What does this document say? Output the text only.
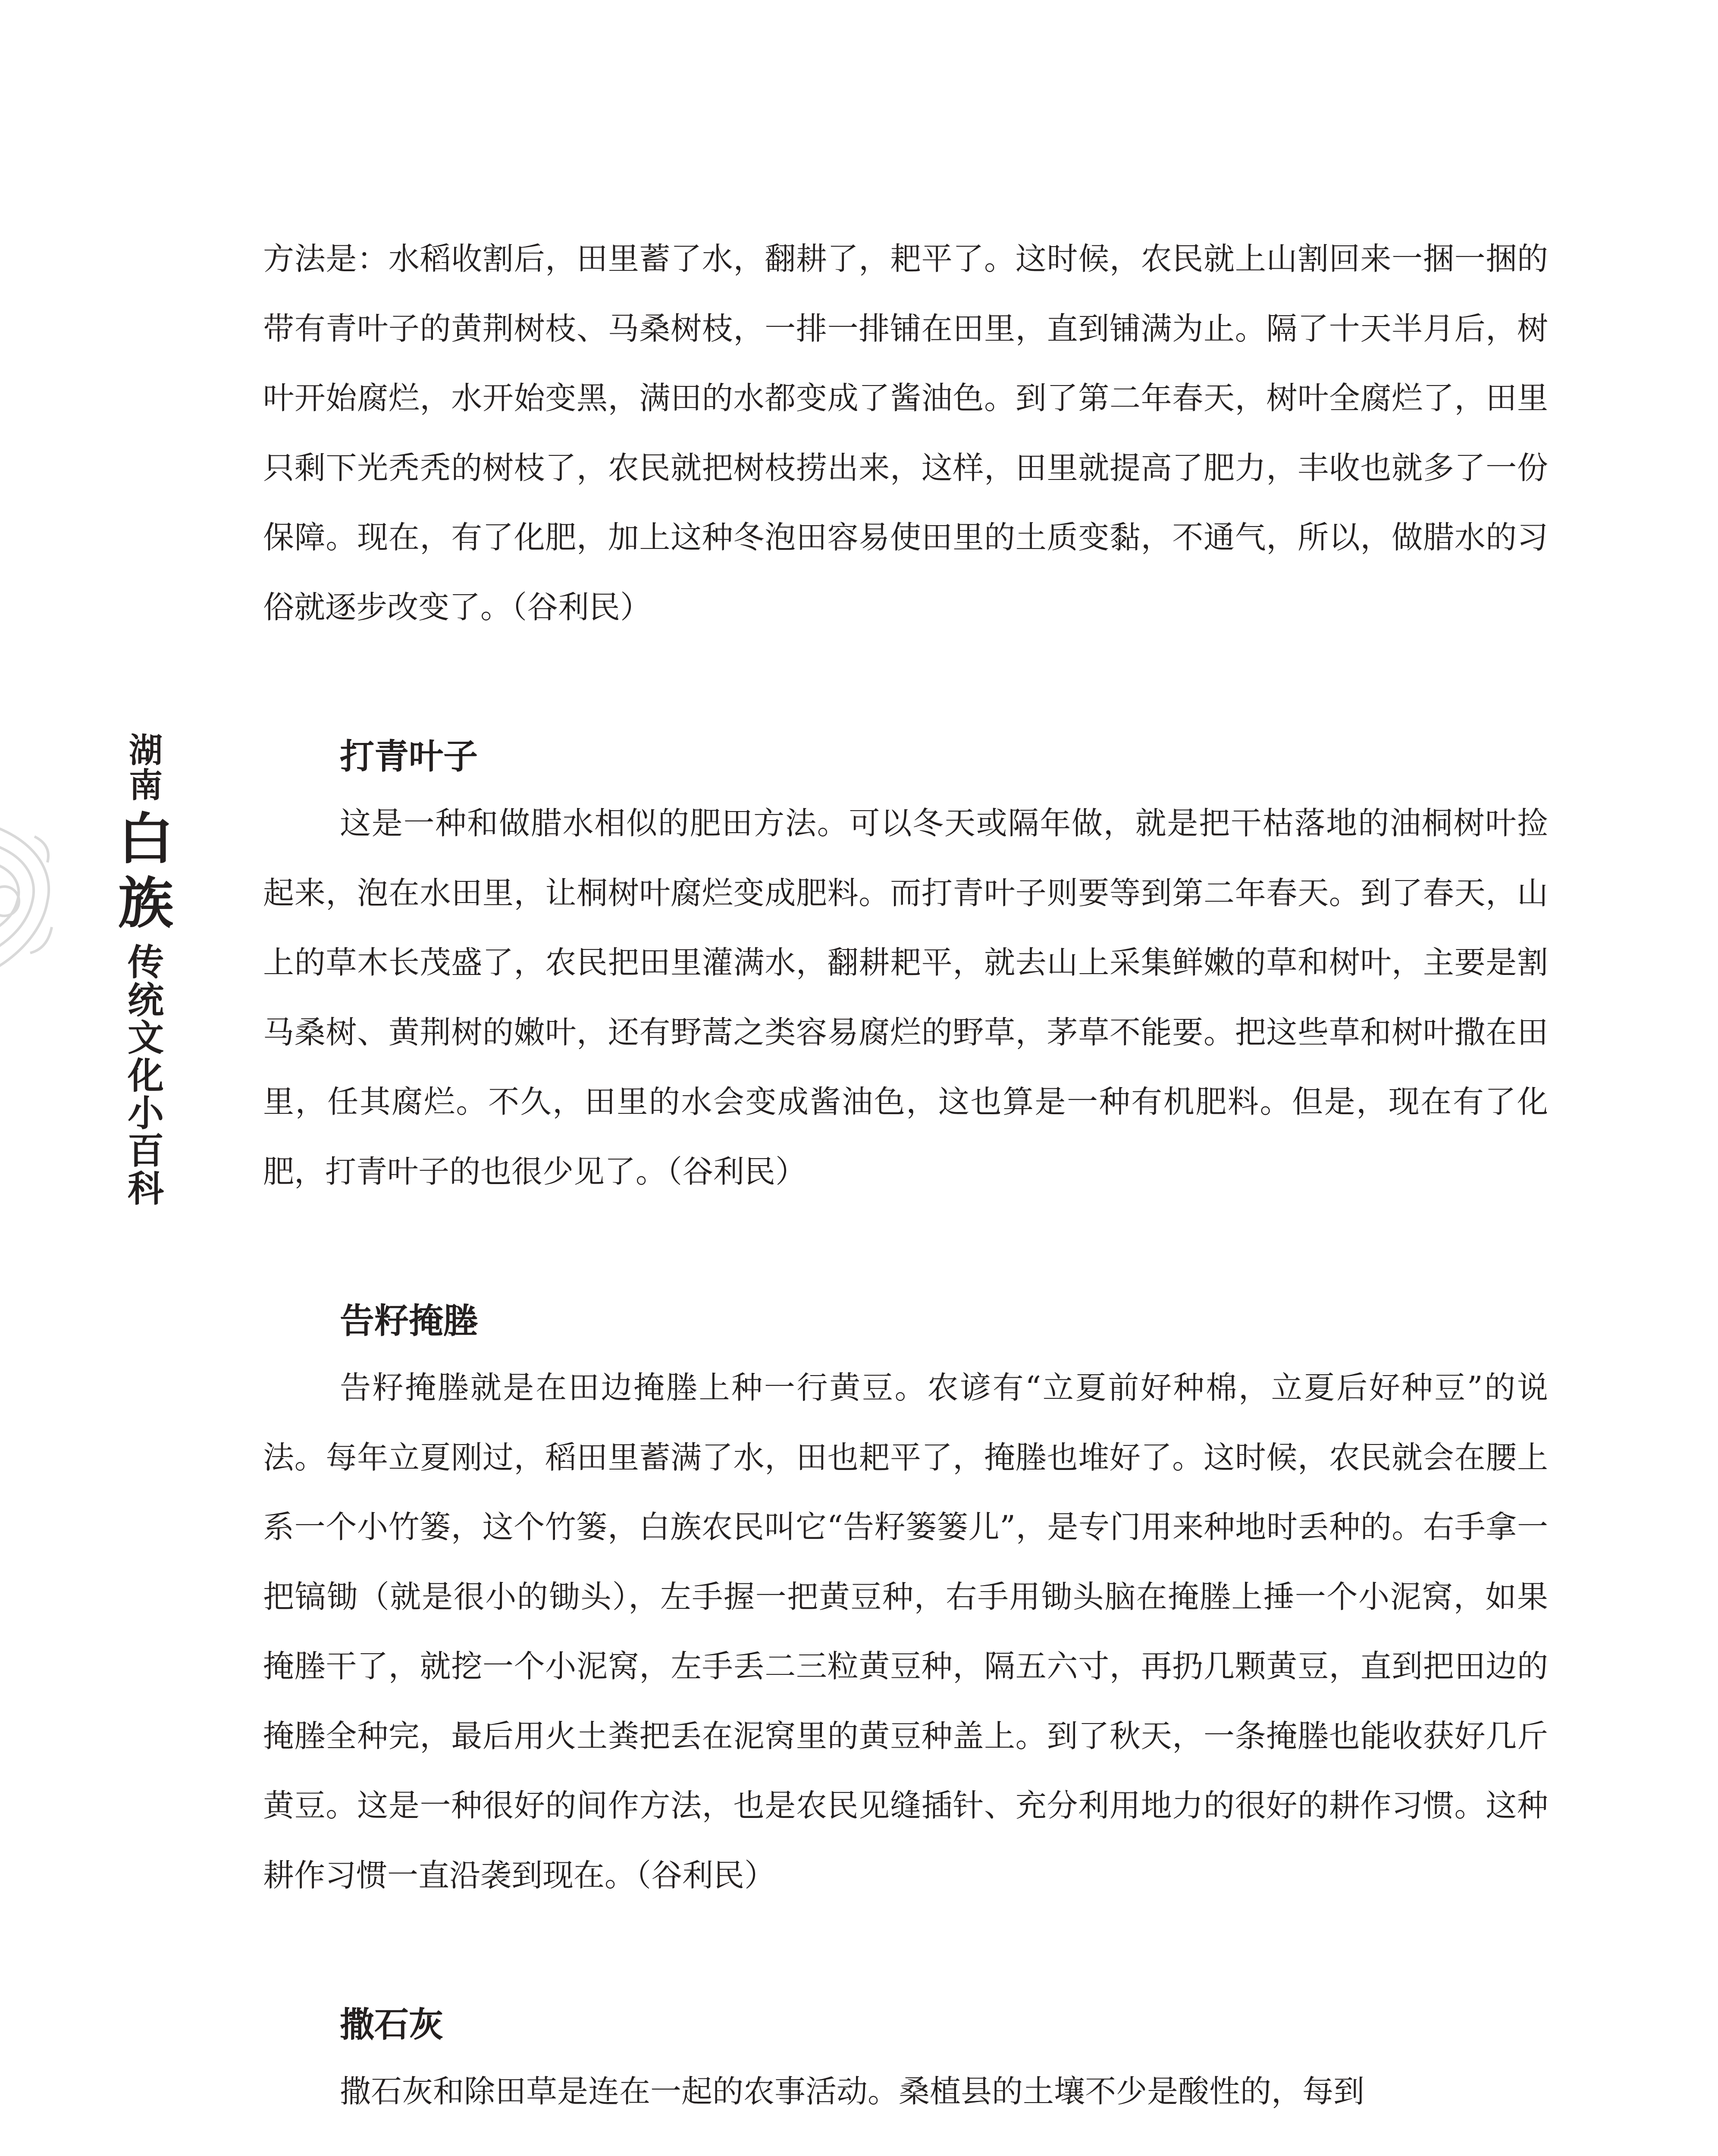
湖
南
白
族
传
统
文
化
小
百
科

方法是：水稻收割后，田里蓄了水，翻耕了，耙平了。这时候，农民就上山割回来一捆一捆的带有青叶子的黄荆树枝、马桑树枝，一排一排铺在田里，直到铺满为止。隔了十天半月后，树叶开始腐烂，水开始变黑，满田的水都变成了酱油色。到了第二年春天，树叶全腐烂了，田里只剩下光秃秃的树枝了，农民就把树枝捞出来，这样，田里就提高了肥力，丰收也就多了一份保障。现在，有了化肥，加上这种冬泡田容易使田里的土质变黏，不通气，所以，做腊水的习俗就逐步改变了。（谷利民）

打青叶子

这是一种和做腊水相似的肥田方法。可以冬天或隔年做，就是把干枯落地的油桐树叶捡起来，泡在水田里，让桐树叶腐烂变成肥料。而打青叶子则要等到第二年春天。到了春天，山上的草木长茂盛了，农民把田里灌满水，翻耕耙平，就去山上采集鲜嫩的草和树叶，主要是割马桑树、黄荆树的嫩叶，还有野蒿之类容易腐烂的野草，茅草不能要。把这些草和树叶撒在田里，任其腐烂。不久，田里的水会变成酱油色，这也算是一种有机肥料。但是，现在有了化肥，打青叶子的也很少见了。（谷利民）

告籽掩塍

告籽掩塍就是在田边掩塍上种一行黄豆。农谚有“立夏前好种棉，立夏后好种豆”的说法。每年立夏刚过，稻田里蓄满了水，田也耙平了，掩塍也堆好了。这时候，农民就会在腰上系一个小竹篓，这个竹篓，白族农民叫它“告籽篓篓儿”，是专门用来种地时丢种的。右手拿一把镐锄（就是很小的锄头），左手握一把黄豆种，右手用锄头脑在掩塍上捶一个小泥窝，如果掩塍干了，就挖一个小泥窝，左手丢二三粒黄豆种，隔五六寸，再扔几颗黄豆，直到把田边的掩塍全种完，最后用火土粪把丢在泥窝里的黄豆种盖上。到了秋天，一条掩塍也能收获好几斤黄豆。这是一种很好的间作方法，也是农民见缝插针、充分利用地力的很好的耕作习惯。这种耕作习惯一直沿袭到现在。（谷利民）

撒石灰

撒石灰和除田草是连在一起的农事活动。桑植县的土壤不少是酸性的，每到
